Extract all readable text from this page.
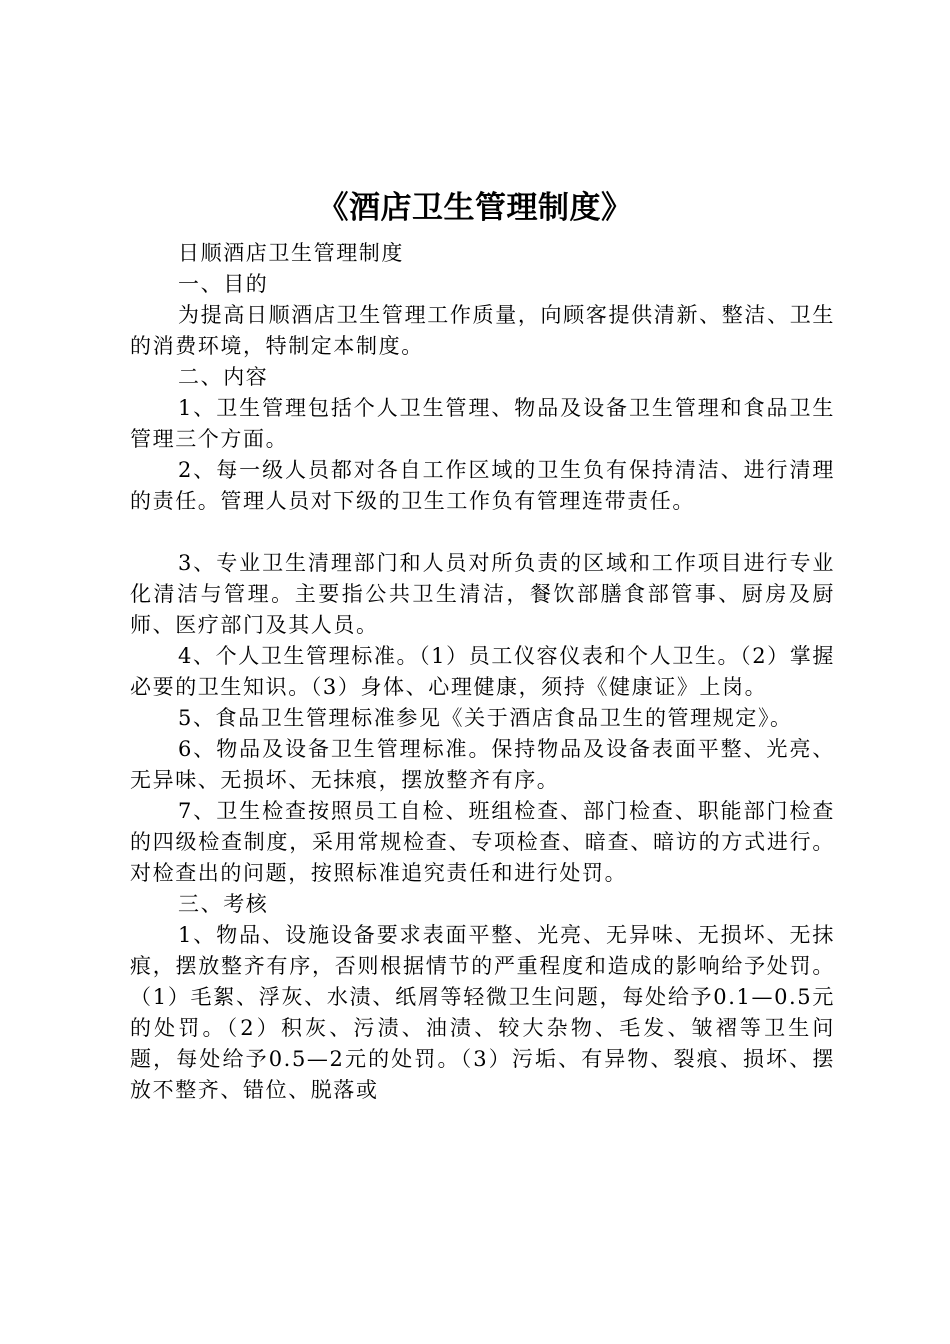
《酒店卫生管理制度》

日顺酒店卫生管理制度

一、目的

为提高日顺酒店卫生管理工作质量，向顾客提供清新、整洁、卫生的消费环境，特制定本制度。

二、内容

1、卫生管理包括个人卫生管理、物品及设备卫生管理和食品卫生管理三个方面。

2、每一级人员都对各自工作区域的卫生负有保持清洁、进行清理的责任。管理人员对下级的卫生工作负有管理连带责任。

3、专业卫生清理部门和人员对所负责的区域和工作项目进行专业化清洁与管理。主要指公共卫生清洁，餐饮部膳食部管事、厨房及厨师、医疗部门及其人员。

4、个人卫生管理标准。（1）员工仪容仪表和个人卫生。（2）掌握必要的卫生知识。（3）身体、心理健康，须持《健康证》上岗。

5、食品卫生管理标准参见《关于酒店食品卫生的管理规定》。

6、物品及设备卫生管理标准。保持物品及设备表面平整、光亮、无异味、无损坏、无抹痕，摆放整齐有序。

7、卫生检查按照员工自检、班组检查、部门检查、职能部门检查的四级检查制度，采用常规检查、专项检查、暗查、暗访的方式进行。对检查出的问题，按照标准追究责任和进行处罚。

三、考核

1、物品、设施设备要求表面平整、光亮、无异味、无损坏、无抹痕，摆放整齐有序，否则根据情节的严重程度和造成的影响给予处罚。（1）毛絮、浮灰、水渍、纸屑等轻微卫生问题，每处给予0.1—0.5元的处罚。（2）积灰、污渍、油渍、较大杂物、毛发、皱褶等卫生问题，每处给予0.5—2元的处罚。（3）污垢、有异物、裂痕、损坏、摆放不整齐、错位、脱落或
